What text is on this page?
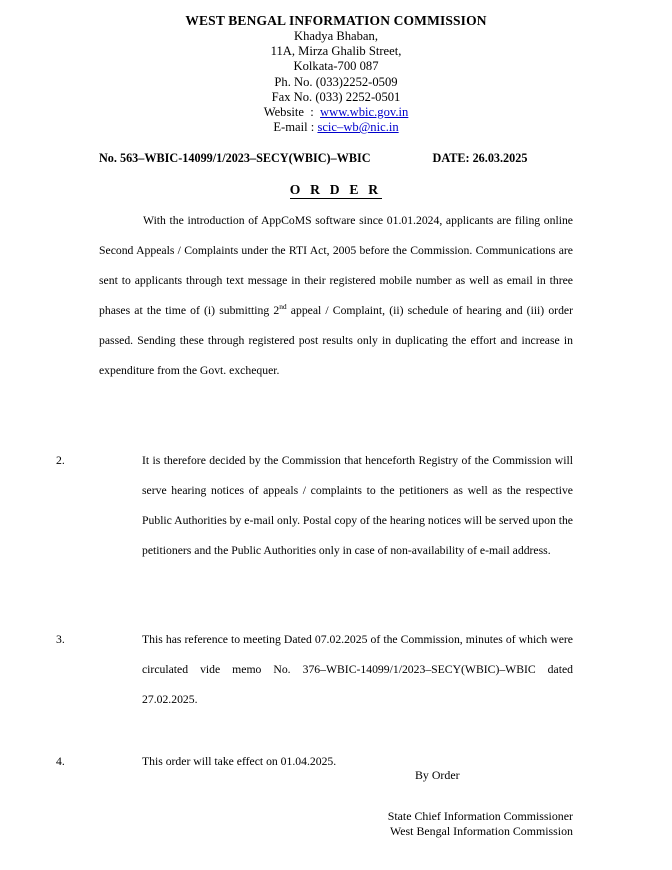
WEST BENGAL INFORMATION COMMISSION
Khadya Bhaban,
11A, Mirza Ghalib Street,
Kolkata-700 087
Ph. No. (033)2252-0509
Fax No. (033) 2252-0501
Website  :  www.wbic.gov.in
E-mail : scic–wb@nic.in
No. 563–WBIC-14099/1/2023–SECY(WBIC)–WBIC	DATE: 26.03.2025
O R D E R

With the introduction of AppCoMS software since 01.01.2024, applicants are filing online Second Appeals / Complaints under the RTI Act, 2005 before the Commission. Communications are sent to applicants through text message in their registered mobile number as well as email in three phases at the time of (i) submitting 2nd appeal / Complaint, (ii) schedule of hearing and (iii) order passed. Sending these through registered post results only in duplicating the effort and increase in expenditure from the Govt. exchequer.

2.	It is therefore decided by the Commission that henceforth Registry of the Commission will serve hearing notices of appeals / complaints to the petitioners as well as the respective Public Authorities by e-mail only. Postal copy of the hearing notices will be served upon the petitioners and the Public Authorities only in case of non-availability of e-mail address.

3.	This has reference to meeting Dated 07.02.2025 of the Commission, minutes of which were circulated vide memo No. 376–WBIC-14099/1/2023–SECY(WBIC)–WBIC dated 27.02.2025.

4.	This order will take effect on 01.04.2025.

By Order
State Chief Information Commissioner
West Bengal Information Commission
